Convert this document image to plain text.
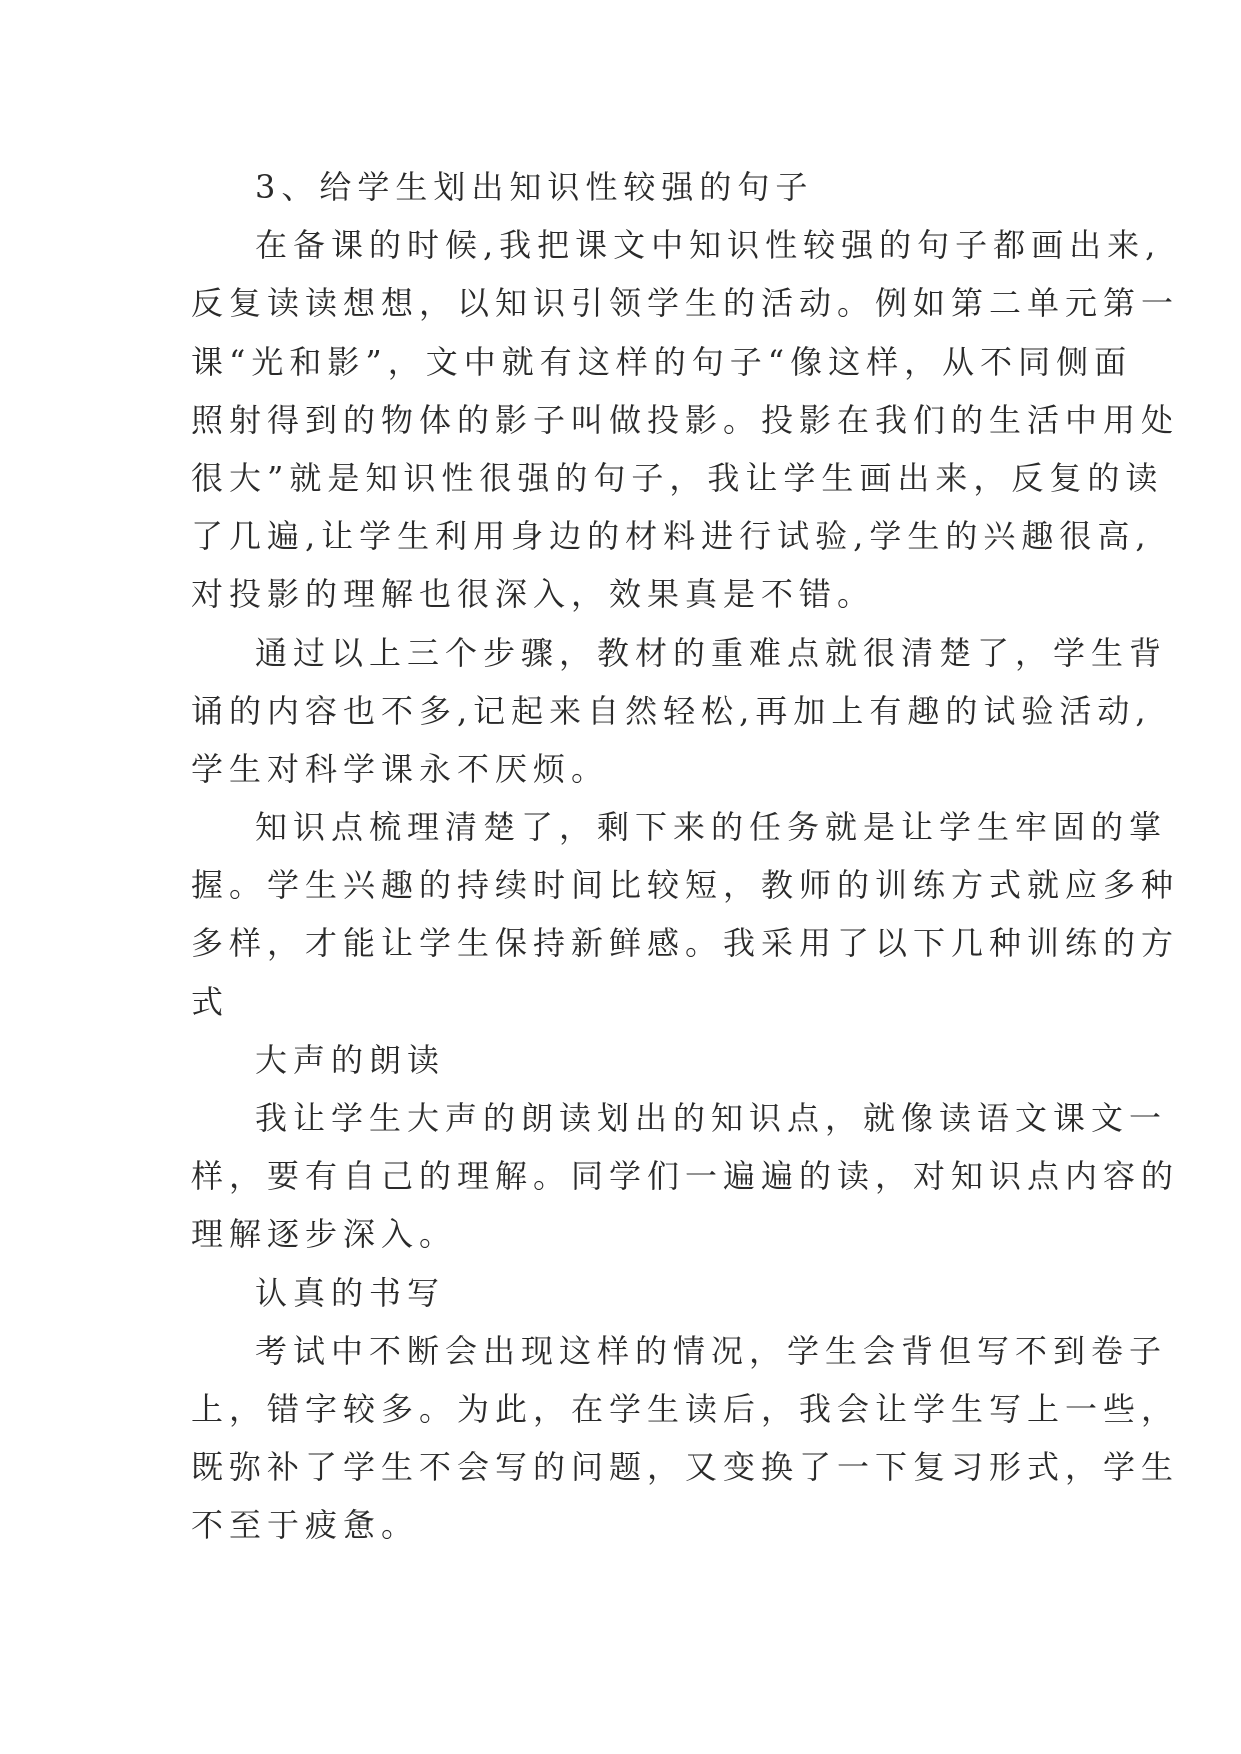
3、给学生划出知识性较强的句子
在备课的时候,我把课文中知识性较强的句子都画出来,
反复读读想想，以知识引领学生的活动。例如第二单元第一
课“光和影”，文中就有这样的句子“像这样，从不同侧面
照射得到的物体的影子叫做投影。投影在我们的生活中用处
很大”就是知识性很强的句子，我让学生画出来，反复的读
了几遍,让学生利用身边的材料进行试验,学生的兴趣很高,
对投影的理解也很深入，效果真是不错。
通过以上三个步骤，教材的重难点就很清楚了，学生背
诵的内容也不多,记起来自然轻松,再加上有趣的试验活动,
学生对科学课永不厌烦。
知识点梳理清楚了，剩下来的任务就是让学生牢固的掌
握。学生兴趣的持续时间比较短，教师的训练方式就应多种
多样，才能让学生保持新鲜感。我采用了以下几种训练的方
式
大声的朗读
我让学生大声的朗读划出的知识点，就像读语文课文一
样，要有自己的理解。同学们一遍遍的读，对知识点内容的
理解逐步深入。
认真的书写
考试中不断会出现这样的情况，学生会背但写不到卷子
上，错字较多。为此，在学生读后，我会让学生写上一些，
既弥补了学生不会写的问题，又变换了一下复习形式，学生
不至于疲惫。
